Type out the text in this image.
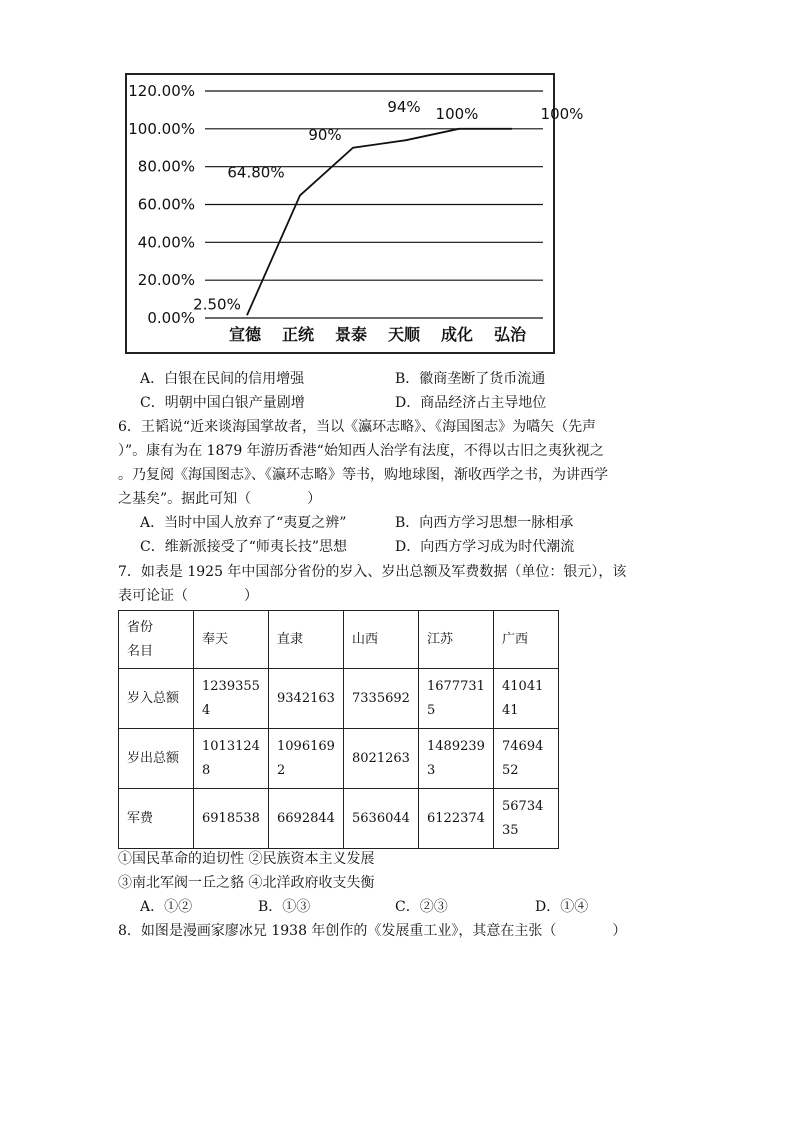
0.00%
20.00%
40.00%
60.00%
80.00%
100.00%
120.00%
宣德 正统 景泰 天顺 成化 弘治
2.50%
64.80%
90%
94% 100%	100%
A．白银在民间的信用增强	B．徽商垄断了货币流通
C．明朝中国白银产量剧增	D．商品经济占主导地位
6．王韬说“近来谈海国掌故者，当以《瀛环志略》、《海国图志》为嚆矢（先声
）”。康有为在 1879 年游历香港“始知西人治学有法度，不得以古旧之夷狄视之
。乃复阅《海国图志》、《瀛环志略》等书，购地球图，渐收西学之书，为讲西学
之基矣”。据此可知（　　　　）
A．当时中国人放弃了“夷夏之辨”	B．向西方学习思想一脉相承
C．维新派接受了“师夷长技”思想	D．向西方学习成为时代潮流
7．如表是 1925 年中国部分省份的岁入、岁出总额及军费数据（单位：银元），该
表可论证（　　　　）
省份
名目	奉天	直隶	山西	江苏	广西

岁入总额	12393554	9342163	7335692	16777315	4104141

岁出总额	10131248	10961692	8021263	14892393	7469452

军费	6918538	6692844	5636044	6122374	5673435
①国民革命的迫切性 ②民族资本主义发展
③南北军阀一丘之貉 ④北洋政府收支失衡
A．①②	B．①③	C．②③	D．①④
8．如图是漫画家廖冰兄 1938 年创作的《发展重工业》，其意在主张（　　　　）
